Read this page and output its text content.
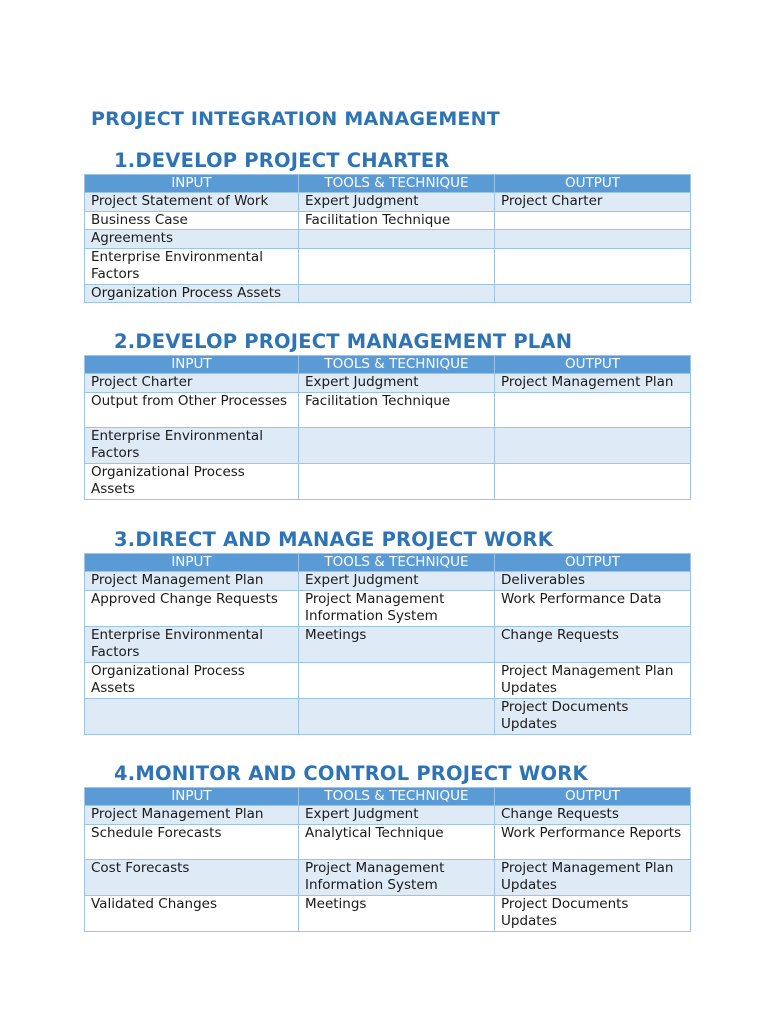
PROJECT INTEGRATION MANAGEMENT
1.DEVELOP PROJECT CHARTER
INPUT	TOOLS & TECHNIQUE	OUTPUT
Project Statement of Work	Expert Judgment	Project Charter
Business Case	Facilitation Technique	
Agreements		
Enterprise Environmental Factors		
Organization Process Assets		
2.DEVELOP PROJECT MANAGEMENT PLAN
INPUT	TOOLS & TECHNIQUE	OUTPUT
Project Charter	Expert Judgment	Project Management Plan
Output from Other Processes	Facilitation Technique	
Enterprise Environmental Factors		
Organizational Process Assets		
3.DIRECT AND MANAGE PROJECT WORK
INPUT	TOOLS & TECHNIQUE	OUTPUT
Project Management Plan	Expert Judgment	Deliverables
Approved Change Requests	Project Management Information System	Work Performance Data
Enterprise Environmental Factors	Meetings	Change Requests
Organizational Process Assets		Project Management Plan Updates
		Project Documents Updates
4.MONITOR AND CONTROL PROJECT WORK
INPUT	TOOLS & TECHNIQUE	OUTPUT
Project Management Plan	Expert Judgment	Change Requests
Schedule Forecasts	Analytical Technique	Work Performance Reports
Cost Forecasts	Project Management Information System	Project Management Plan Updates
Validated Changes	Meetings	Project Documents Updates
